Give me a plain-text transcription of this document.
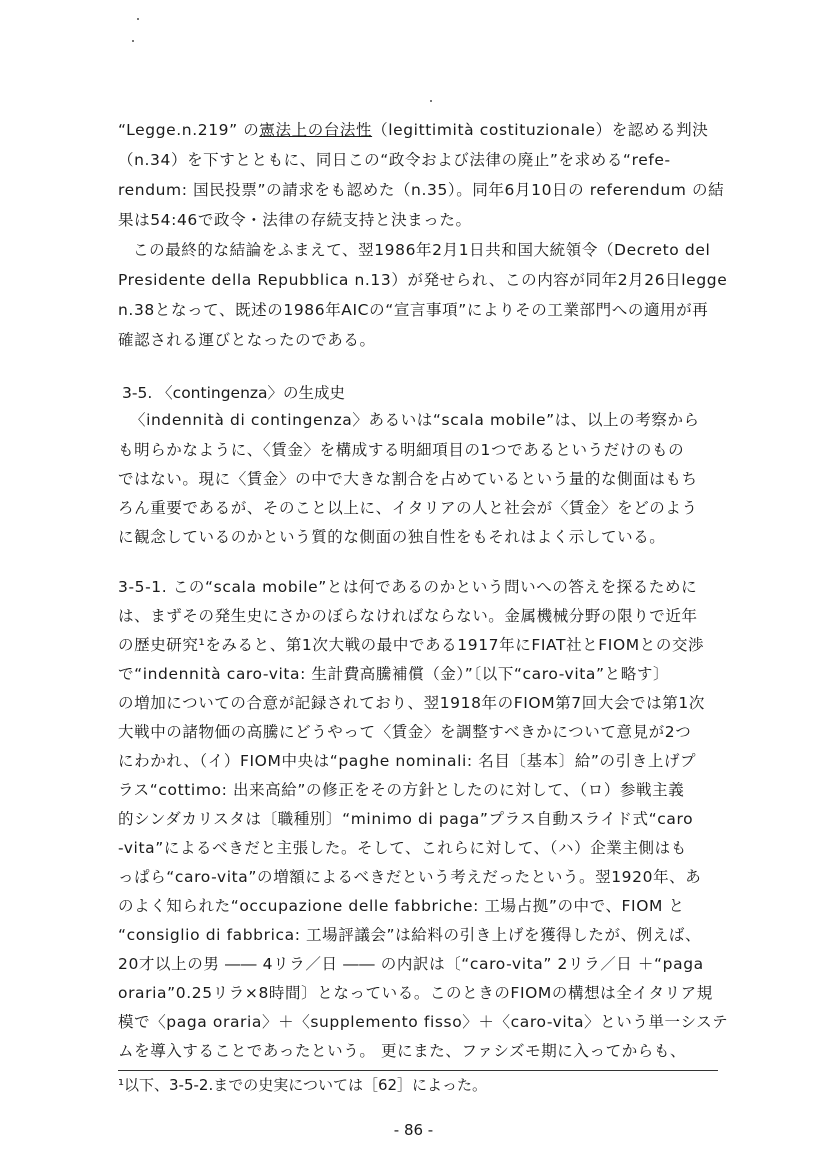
“Legge.n.219” の憲法上の台法性（legittimità costituzionale）を認める判決
（n.34）を下すとともに、同日この“政令および法律の廃止”を求める“refe-
rendum: 国民投票”の請求をも認めた（n.35）。同年6月10日の referendum の結
果は54:46で政令・法律の存続支持と決まった。
この最終的な結論をふまえて、翌1986年2月1日共和国大統領令（Decreto del
Presidente della Repubblica n.13）が発せられ、この内容が同年2月26日legge
n.38となって、既述の1986年AICの“宣言事項”によりその工業部門への適用が再
確認される運びとなったのである。
3-5. 〈contingenza〉の生成史
〈indennità di contingenza〉あるいは“scala mobile”は、以上の考察から
も明らかなように、〈賃金〉を構成する明細項目の1つであるというだけのもの
ではない。現に〈賃金〉の中で大きな割合を占めているという量的な側面はもち
ろん重要であるが、そのこと以上に、イタリアの人と社会が〈賃金〉をどのよう
に観念しているのかという質的な側面の独自性をもそれはよく示している。
3-5-1. この“scala mobile”とは何であるのかという問いへの答えを探るために
は、まずその発生史にさかのぼらなければならない。金属機械分野の限りで近年
の歴史研究¹をみると、第1次大戦の最中である1917年にFIAT社とFIOMとの交渉
で“indennità caro-vita: 生計費高騰補償（金）”〔以下“caro-vita”と略す〕
の増加についての合意が記録されており、翌1918年のFIOM第7回大会では第1次
大戦中の諸物価の高騰にどうやって〈賃金〉を調整すべきかについて意見が2つ
にわかれ、（イ）FIOM中央は“paghe nominali: 名目〔基本〕給”の引き上げプ
ラス“cottimo: 出来高給”の修正をその方針としたのに対して、（ロ）参戦主義
的シンダカリスタは〔職種別〕“minimo di paga”プラス自動スライド式“caro
-vita”によるべきだと主張した。そして、これらに対して、（ハ）企業主側はも
っぱら“caro-vita”の増額によるべきだという考えだったという。翌1920年、あ
のよく知られた“occupazione delle fabbriche: 工場占拠”の中で、FIOM と
“consiglio di fabbrica: 工場評議会”は給料の引き上げを獲得したが、例えば、
20才以上の男 ―― 4リラ／日 ―― の内訳は〔“caro-vita” 2リラ／日 ＋“paga
oraria”0.25リラ×8時間〕となっている。このときのFIOMの構想は全イタリア規
模で〈paga oraria〉＋〈supplemento fisso〉＋〈caro-vita〉という単一システ
ムを導入することであったという。 更にまた、ファシズモ期に入ってからも、
¹以下、3-5-2.までの史実については［62］によった。
- 86 -
